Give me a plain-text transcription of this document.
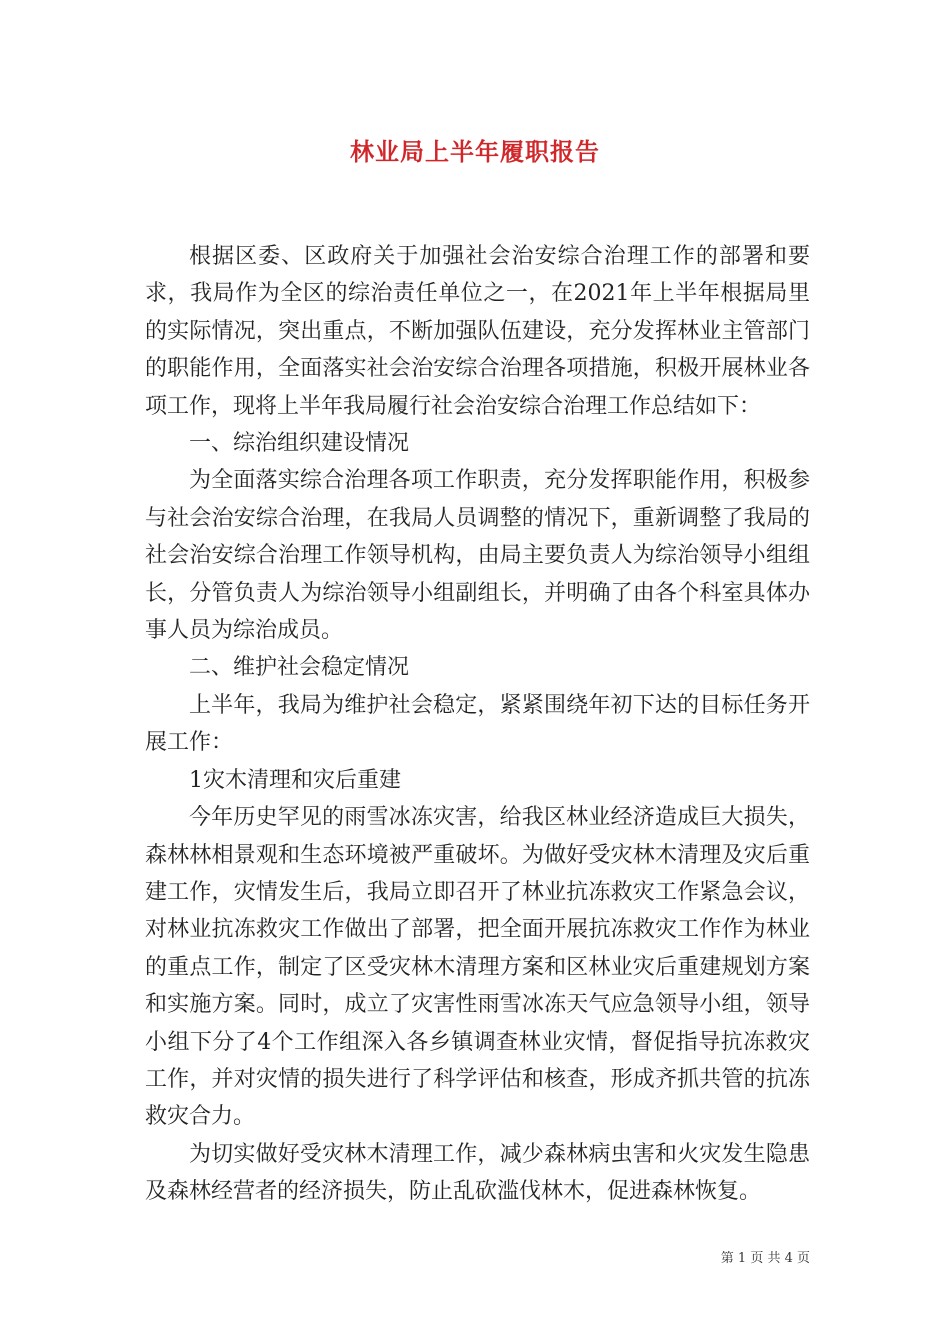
林业局上半年履职报告

根据区委、区政府关于加强社会治安综合治理工作的部署和要求，我局作为全区的综治责任单位之一，在2021年上半年根据局里的实际情况，突出重点，不断加强队伍建设，充分发挥林业主管部门的职能作用，全面落实社会治安综合治理各项措施，积极开展林业各项工作，现将上半年我局履行社会治安综合治理工作总结如下：

一、综治组织建设情况

为全面落实综合治理各项工作职责，充分发挥职能作用，积极参与社会治安综合治理，在我局人员调整的情况下，重新调整了我局的社会治安综合治理工作领导机构，由局主要负责人为综治领导小组组长，分管负责人为综治领导小组副组长，并明确了由各个科室具体办事人员为综治成员。

二、维护社会稳定情况

上半年，我局为维护社会稳定，紧紧围绕年初下达的目标任务开展工作：

1灾木清理和灾后重建

今年历史罕见的雨雪冰冻灾害，给我区林业经济造成巨大损失，森林林相景观和生态环境被严重破坏。为做好受灾林木清理及灾后重建工作，灾情发生后，我局立即召开了林业抗冻救灾工作紧急会议，对林业抗冻救灾工作做出了部署，把全面开展抗冻救灾工作作为林业的重点工作，制定了区受灾林木清理方案和区林业灾后重建规划方案和实施方案。同时，成立了灾害性雨雪冰冻天气应急领导小组，领导小组下分了4个工作组深入各乡镇调查林业灾情，督促指导抗冻救灾工作，并对灾情的损失进行了科学评估和核查，形成齐抓共管的抗冻救灾合力。

为切实做好受灾林木清理工作，减少森林病虫害和火灾发生隐患及森林经营者的经济损失，防止乱砍滥伐林木，促进森林恢复。

第 1 页 共 4 页
